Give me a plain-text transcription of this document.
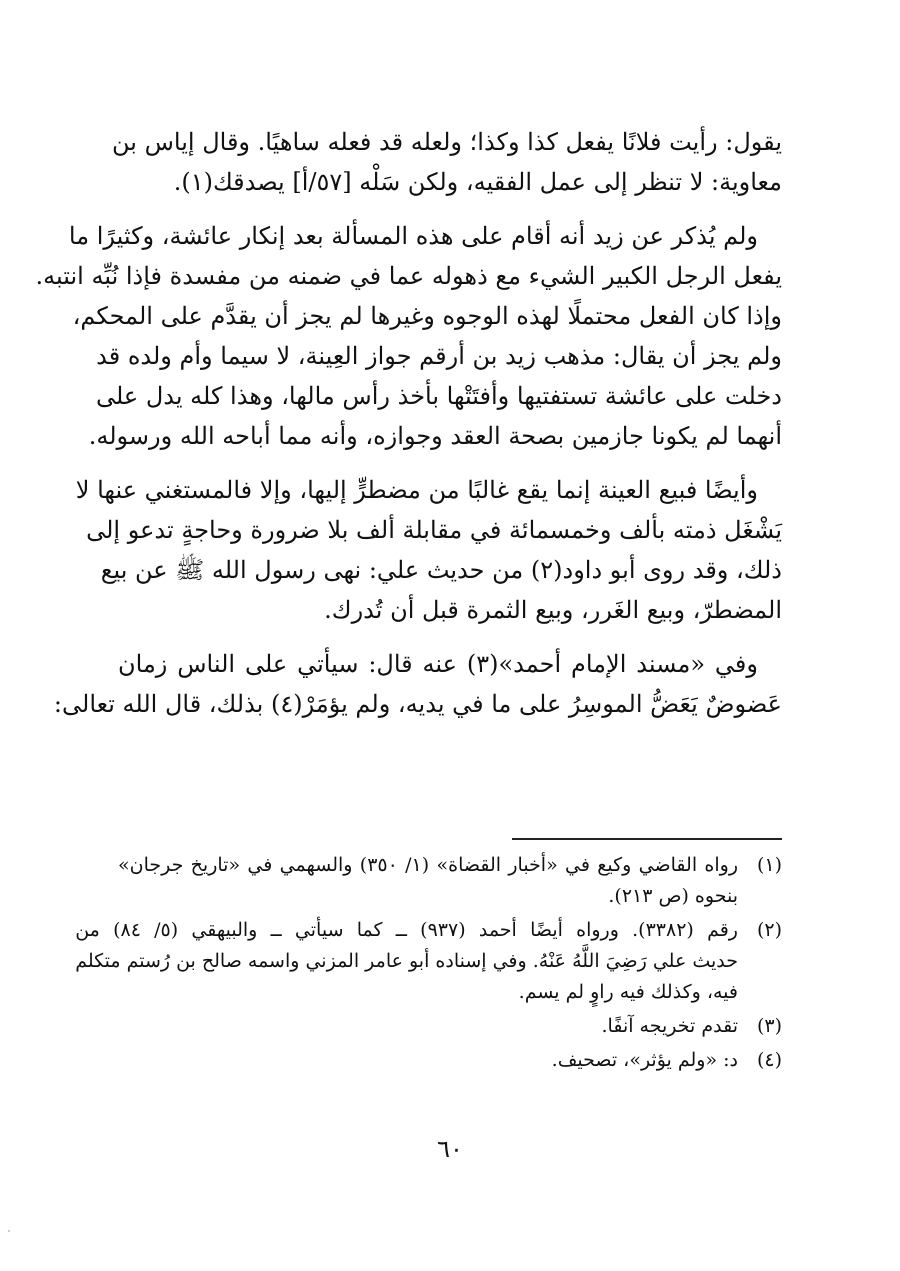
يقول: رأيت فلانًا يفعل كذا وكذا؛ ولعله قد فعله ساهيًا. وقال إياس بن
معاوية: لا تنظر إلى عمل الفقيه، ولكن سَلْه [٥٧/أ] يصدقك(١).

ولم يُذكر عن زيد أنه أقام على هذه المسألة بعد إنكار عائشة، وكثيرًا ما
يفعل الرجل الكبير الشيء مع ذهوله عما في ضمنه من مفسدة فإذا نُبِّه انتبه.
وإذا كان الفعل محتملًا لهذه الوجوه وغيرها لم يجز أن يقدَّم على المحكم،
ولم يجز أن يقال: مذهب زيد بن أرقم جواز العِينة، لا سيما وأم ولده قد
دخلت على عائشة تستفتيها وأفتَتْها بأخذ رأس مالها، وهذا كله يدل على
أنهما لم يكونا جازمين بصحة العقد وجوازه، وأنه مما أباحه الله ورسوله.

وأيضًا فبيع العينة إنما يقع غالبًا من مضطرٍّ إليها، وإلا فالمستغني عنها لا
يَشْغَل ذمته بألف وخمسمائة في مقابلة ألف بلا ضرورة وحاجةٍ تدعو إلى
ذلك، وقد روى أبو داود(٢) من حديث علي: نهى رسول الله ﷺ عن بيع
المضطرّ، وبيع الغَرر، وبيع الثمرة قبل أن تُدرك.

وفي «مسند الإمام أحمد»(٣) عنه قال: سيأتي على الناس زمان
عَضوضٌ يَعَضُّ الموسِرُ على ما في يديه، ولم يؤمَرْ(٤) بذلك، قال الله تعالى:

(١)
رواه القاضي وكيع في «أخبار القضاة» (١/ ٣٥٠) والسهمي في «تاريخ جرجان»
بنحوه (ص ٢١٣).
(٢)
رقم (٣٣٨٢). ورواه أيضًا أحمد (٩٣٧) ــ كما سيأتي ــ والبيهقي (٥/ ٨٤) من
حديث علي رَضِيَ اللَّهُ عَنْهُ. وفي إسناده أبو عامر المزني واسمه صالح بن رُستم متكلم
فيه، وكذلك فيه راوٍ لم يسم.
(٣)
تقدم تخريجه آنفًا.
(٤)
د: «ولم يؤثر»، تصحيف.
٦٠
